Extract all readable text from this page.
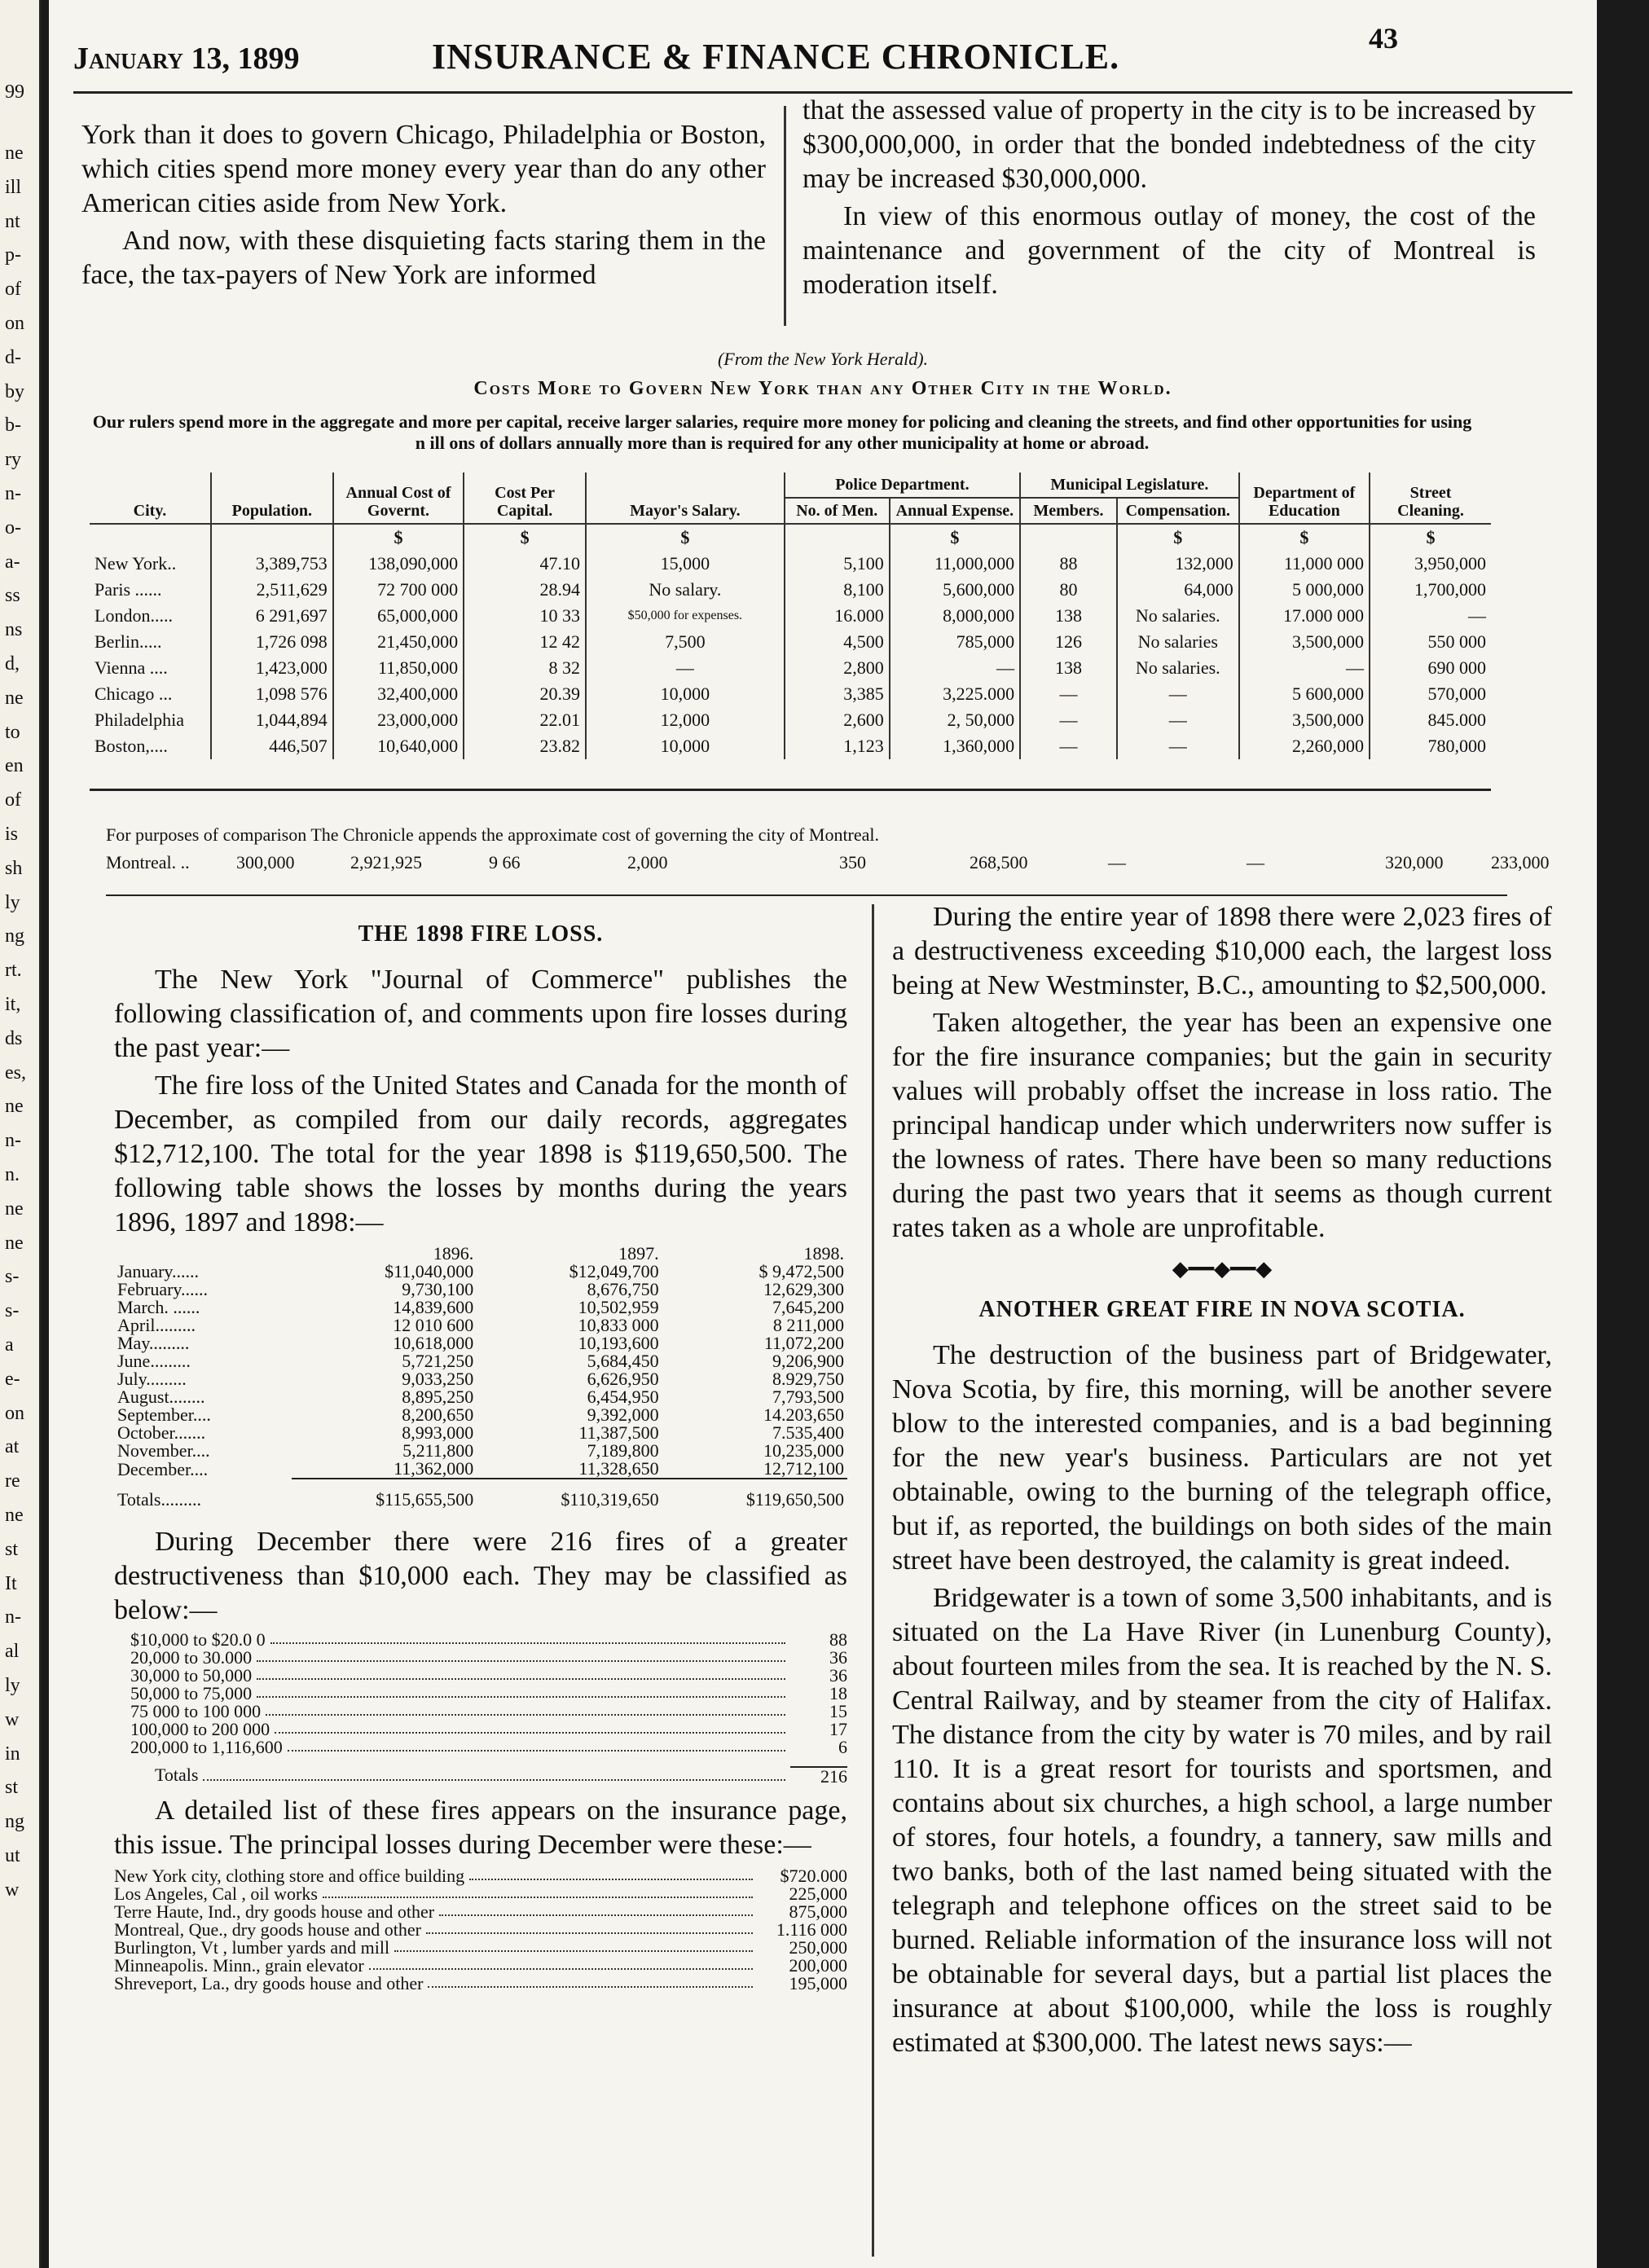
99
ne
ill
nt
p-
of
on
d-
by
b-
ry
n-
o-
a-
ss
ns
d,
ne
to
en
of
is
sh
ly
ng
rt.
it,
ds
es,
ne
n-
n.
ne
ne
s-
s-
a
e-
on
at
re
ne
st
It
n-
al
ly
w
in
st
ng
ut
w
January 13, 1899	INSURANCE & FINANCE CHRONICLE.	43

York than it does to govern Chicago, Philadelphia or Boston, which cities spend more money every year than do any other American cities aside from New York.

And now, with these disquieting facts staring them in the face, the tax-payers of New York are informed

that the assessed value of property in the city is to be increased by $300,000,000, in order that the bonded indebtedness of the city may be increased $30,000,000.

In view of this enormous outlay of money, the cost of the maintenance and government of the city of Montreal is moderation itself.

(From the New York Herald).
Costs More to Govern New York than any Other City in the World.
Our rulers spend more in the aggregate and more per capital, receive larger salaries, require more money for policing and cleaning the streets, and find other opportunities for using n ill ons of dollars annually more than is required for any other municipality at home or abroad.
City.	Population.	Annual Cost of Governt.	Cost Per Capital.	Mayor's Salary.	Police Department.		Municipal Legislature.		Department of Education	Street Cleaning.
					No. of Men.	Annual Expense.	Members.	Compensation.		
		$	$	$		$		$	$	$
New York..	3,389,753	138,090,000	47.10	15,000	5,100	11,000,000	88	132,000	11,000 000	3,950,000
Paris ......	2,511,629	72 700 000	28.94	No salary.	8,100	5,600,000	80	64,000	5 000,000	1,700,000
London.....	6 291,697	65,000,000	10 33	$50,000 for expenses.	16.000	8,000,000	138	No salaries.	17.000 000	—
Berlin.....	1,726 098	21,450,000	12 42	7,500	4,500	785,000	126	No salaries	3,500,000	550 000
Vienna ....	1,423,000	11,850,000	8 32	—	2,800	—	138	No salaries.	—	690 000
Chicago ...	1,098 576	32,400,000	20.39	10,000	3,385	3,225.000	—	—	5 600,000	570,000
Philadelphia	1,044,894	23,000,000	22.01	12,000	2,600	2, 50,000	—	—	3,500,000	845.000
Boston,....	446,507	10,640,000	23.82	10,000	1,123	1,360,000	—	—	2,260,000	780,000
For purposes of comparison The Chronicle appends the approximate cost of governing the city of Montreal.
Montreal. ..	300,000	2,921,925	9 66	2,000	350	268,500	—	—	320,000	233,000
THE 1898 FIRE LOSS.

The New York "Journal of Commerce" publishes the following classification of, and comments upon fire losses during the past year:—

The fire loss of the United States and Canada for the month of December, as compiled from our daily records, aggregates $12,712,100. The total for the year 1898 is $119,650,500. The following table shows the losses by months during the years 1896, 1897 and 1898:—

	1896.	1897.	1898.
January......	$11,040,000	$12,049,700	$ 9,472,500
February......	9,730,100	8,676,750	12,629,300
March. ......	14,839,600	10,502,959	7,645,200
April.........	12 010 600	10,833 000	8 211,000
May.........	10,618,000	10,193,600	11,072,200
June.........	5,721,250	5,684,450	9,206,900
July.........	9,033,250	6,626,950	8.929,750
August........	8,895,250	6,454,950	7,793,500
September....	8,200,650	9,392,000	14.203,650
October.......	8,993,000	11,387,500	7.535,400
November....	5,211,800	7,189,800	10,235,000
December....	11,362,000	11,328,650	12,712,100
Totals.........	$115,655,500	$110,319,650	$119,650,500

During December there were 216 fires of a greater destructiveness than $10,000 each. They may be classified as below:—

$10,000 to $20.0 0	88
20,000 to 30.000	36
30,000 to 50,000	36
50,000 to 75,000	18
75 000 to 100 000	15
100,000 to 200 000	17
200,000 to 1,116,600	6
Totals	216

A detailed list of these fires appears on the insurance page, this issue. The principal losses during December were these:—

New York city, clothing store and office building	$720.000
Los Angeles, Cal , oil works	225,000
Terre Haute, Ind., dry goods house and other	875,000
Montreal, Que., dry goods house and other	1.116 000
Burlington, Vt , lumber yards and mill	250,000
Minneapolis. Minn., grain elevator	200,000
Shreveport, La., dry goods house and other	195,000

During the entire year of 1898 there were 2,023 fires of a destructiveness exceeding $10,000 each, the largest loss being at New Westminster, B.C., amounting to $2,500,000.

Taken altogether, the year has been an expensive one for the fire insurance companies; but the gain in security values will probably offset the increase in loss ratio. The principal handicap under which underwriters now suffer is the lowness of rates. There have been so many reductions during the past two years that it seems as though current rates taken as a whole are unprofitable.

◆━━◆━━◆
ANOTHER GREAT FIRE IN NOVA SCOTIA.

The destruction of the business part of Bridgewater, Nova Scotia, by fire, this morning, will be another severe blow to the interested companies, and is a bad beginning for the new year's business. Particulars are not yet obtainable, owing to the burning of the telegraph office, but if, as reported, the buildings on both sides of the main street have been destroyed, the calamity is great indeed.

Bridgewater is a town of some 3,500 inhabitants, and is situated on the La Have River (in Lunenburg County), about fourteen miles from the sea. It is reached by the N. S. Central Railway, and by steamer from the city of Halifax. The distance from the city by water is 70 miles, and by rail 110. It is a great resort for tourists and sportsmen, and contains about six churches, a high school, a large number of stores, four hotels, a foundry, a tannery, saw mills and two banks, both of the last named being situated with the telegraph and telephone offices on the street said to be burned. Reliable information of the insurance loss will not be obtainable for several days, but a partial list places the insurance at about $100,000, while the loss is roughly estimated at $300,000. The latest news says:—
